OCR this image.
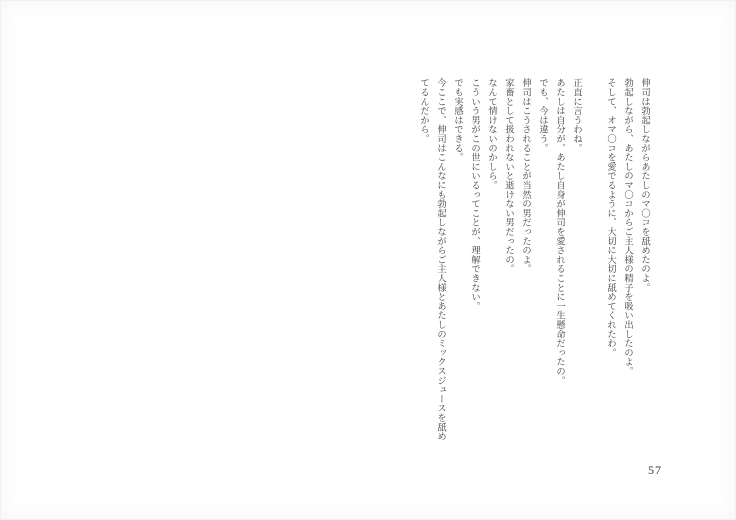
伸司は勃起しながらあたしのマ〇コを舐めたのよ。
勃起しながら、あたしのマ〇コからご主人様の精子を吸い出したのよ。
そして、オマ〇コを愛でるように、大切に大切に舐めてくれたわ。
正直に言うわね。
あたしは自分が、あたし自身が伸司を愛されることに一生懸命だったの。
でも、今は違う。
伸司はこうされることが当然の男だったのよ。
家畜として扱われないと逝けない男だったの。
なんて情けないのかしら。
こういう男がこの世にいるってことが、理解できない。
でも実感はできる。
今ここで、伸司はこんなにも勃起しながらご主人様とあたしのミックスジュースを舐め
てるんだから。
57
